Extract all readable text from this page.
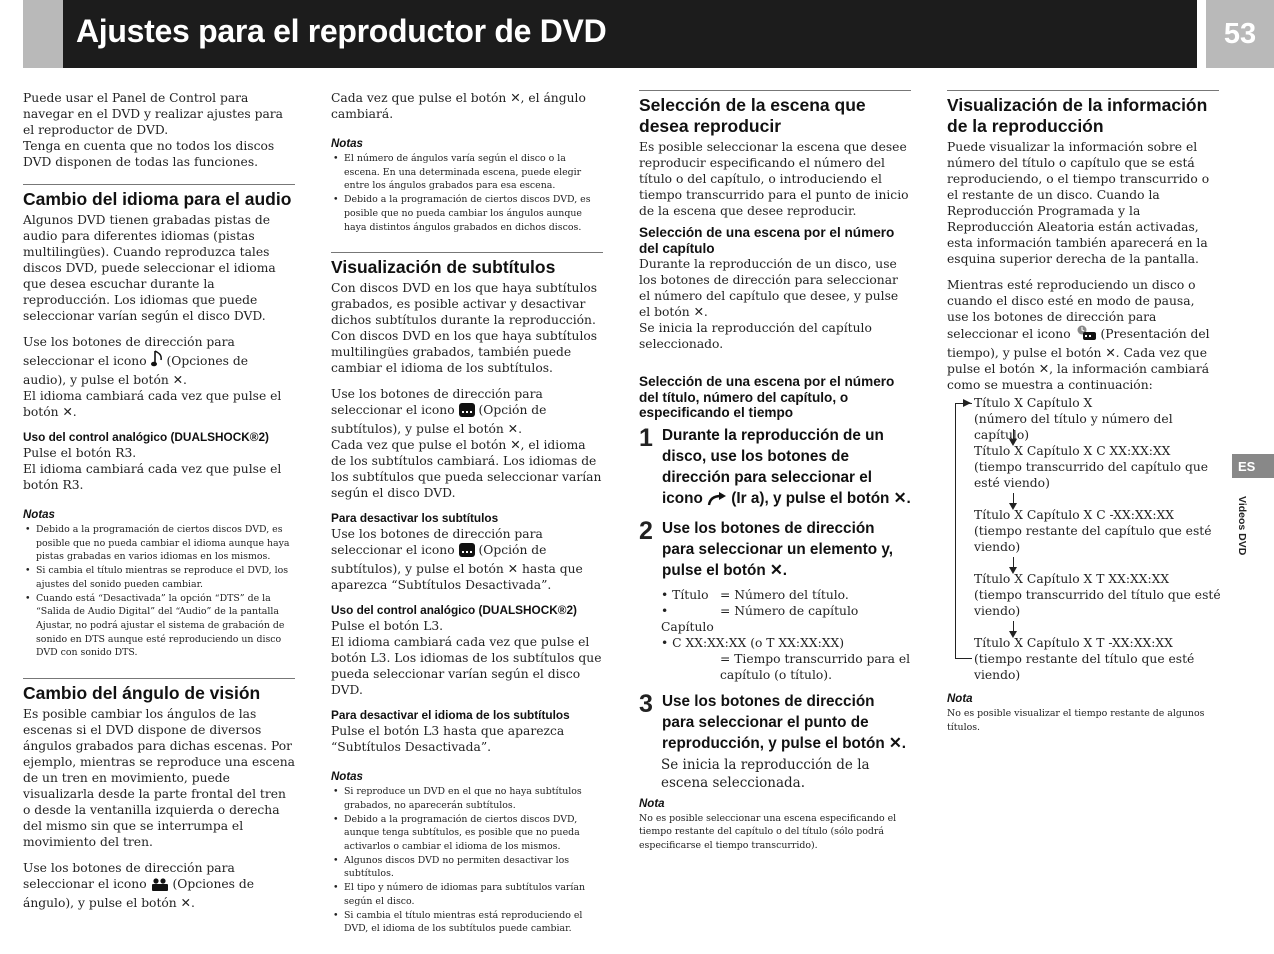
Ajustes para el reproductor de DVD	53

Puede usar el Panel de Control para navegar en el DVD y realizar ajustes para el reproductor de DVD.

Tenga en cuenta que no todos los discos DVD disponen de todas las funciones.

Cambio del idioma para el audio

Algunos DVD tienen grabadas pistas de audio para diferentes idiomas (pistas multilingües). Cuando reproduzca tales discos DVD, puede seleccionar el idioma que desea escuchar durante la reproducción. Los idiomas que puede seleccionar varían según el disco DVD.

Use los botones de dirección para seleccionar el icono (Opciones de audio), y pulse el botón ✕.

El idioma cambiará cada vez que pulse el botón ✕.

Uso del control analógico (DUALSHOCK®2)

Pulse el botón R3.

El idioma cambiará cada vez que pulse el botón R3.

Notas
• Debido a la programación de ciertos discos DVD, es posible que no pueda cambiar el idioma aunque haya pistas grabadas en varios idiomas en los mismos.
• Si cambia el título mientras se reproduce el DVD, los ajustes del sonido pueden cambiar.
• Cuando está “Desactivada” la opción “DTS” de la “Salida de Audio Digital” del “Audio” de la pantalla Ajustar, no podrá ajustar el sistema de grabación de sonido en DTS aunque esté reproduciendo un disco DVD con sonido DTS.
Cambio del ángulo de visión

Es posible cambiar los ángulos de las escenas si el DVD dispone de diversos ángulos grabados para dichas escenas. Por ejemplo, mientras se reproduce una escena de un tren en movimiento, puede visualizarla desde la parte frontal del tren o desde la ventanilla izquierda o derecha del mismo sin que se interrumpa el movimiento del tren.

Use los botones de dirección para seleccionar el icono (Opciones de ángulo), y pulse el botón ✕.

Cada vez que pulse el botón ✕, el ángulo cambiará.

Notas
• El número de ángulos varía según el disco o la escena. En una determinada escena, puede elegir entre los ángulos grabados para esa escena.
• Debido a la programación de ciertos discos DVD, es posible que no pueda cambiar los ángulos aunque haya distintos ángulos grabados en dichos discos.
Visualización de subtítulos

Con discos DVD en los que haya subtítulos grabados, es posible activar y desactivar dichos subtítulos durante la reproducción. Con discos DVD en los que haya subtítulos multilingües grabados, también puede cambiar el idioma de los subtítulos.

Use los botones de dirección para seleccionar el icono (Opción de subtítulos), y pulse el botón ✕.

Cada vez que pulse el botón ✕, el idioma de los subtítulos cambiará. Los idiomas de los subtítulos que pueda seleccionar varían según el disco DVD.

Para desactivar los subtítulos

Use los botones de dirección para seleccionar el icono (Opción de subtítulos), y pulse el botón ✕ hasta que aparezca “Subtítulos Desactivada”.

Uso del control analógico (DUALSHOCK®2)

Pulse el botón L3.

El idioma cambiará cada vez que pulse el botón L3. Los idiomas de los subtítulos que pueda seleccionar varían según el disco DVD.

Para desactivar el idioma de los subtítulos

Pulse el botón L3 hasta que aparezca “Subtítulos Desactivada”.

Notas
• Si reproduce un DVD en el que no haya subtítulos grabados, no aparecerán subtítulos.
• Debido a la programación de ciertos discos DVD, aunque tenga subtítulos, es posible que no pueda activarlos o cambiar el idioma de los mismos.
• Algunos discos DVD no permiten desactivar los subtítulos.
• El tipo y número de idiomas para subtítulos varían según el disco.
• Si cambia el título mientras está reproduciendo el DVD, el idioma de los subtítulos puede cambiar.
Selección de la escena que desea reproducir

Es posible seleccionar la escena que desee reproducir especificando el número del título o del capítulo, o introduciendo el tiempo transcurrido para el punto de inicio de la escena que desee reproducir.

Selección de una escena por el número del capítulo

Durante la reproducción de un disco, use los botones de dirección para seleccionar el número del capítulo que desee, y pulse el botón ✕.

Se inicia la reproducción del capítulo seleccionado.

Selección de una escena por el número del título, número del capítulo, o especificando el tiempo
1 Durante la reproducción de un disco, use los botones de dirección para seleccionar el icono (Ir a), y pulse el botón ✕.
2 Use los botones de dirección para seleccionar un elemento y, pulse el botón ✕.
• Título	= Número del título.
• Capítulo	= Número de capítulo
• C XX:XX:XX (o T XX:XX:XX)	
	= Tiempo transcurrido para el capítulo (o título).
3 Use los botones de dirección para seleccionar el punto de reproducción, y pulse el botón ✕.

Se inicia la reproducción de la escena seleccionada.

Nota

No es posible seleccionar una escena especificando el tiempo restante del capítulo o del título (sólo podrá especificarse el tiempo transcurrido).

Visualización de la información de la reproducción

Puede visualizar la información sobre el número del título o capítulo que se está reproduciendo, o el tiempo transcurrido o el restante de un disco. Cuando la Reproducción Programada y la Reproducción Aleatoria están activadas, esta información también aparecerá en la esquina superior derecha de la pantalla.

Mientras esté reproduciendo un disco o cuando el disco esté en modo de pausa, use los botones de dirección para seleccionar el icono (Presentación del tiempo), y pulse el botón ✕. Cada vez que pulse el botón ✕, la información cambiará como se muestra a continuación:

Título X Capítulo X
(número del título y número del capítulo)
Título X Capítulo X C XX:XX:XX
(tiempo transcurrido del capítulo que esté viendo)
Título X Capítulo X C -XX:XX:XX
(tiempo restante del capítulo que esté viendo)
Título X Capítulo X T XX:XX:XX
(tiempo transcurrido del título que esté viendo)
Título X Capítulo X T -XX:XX:XX
(tiempo restante del título que esté viendo)
Nota

No es posible visualizar el tiempo restante de algunos títulos.

ES
Videos DVD
